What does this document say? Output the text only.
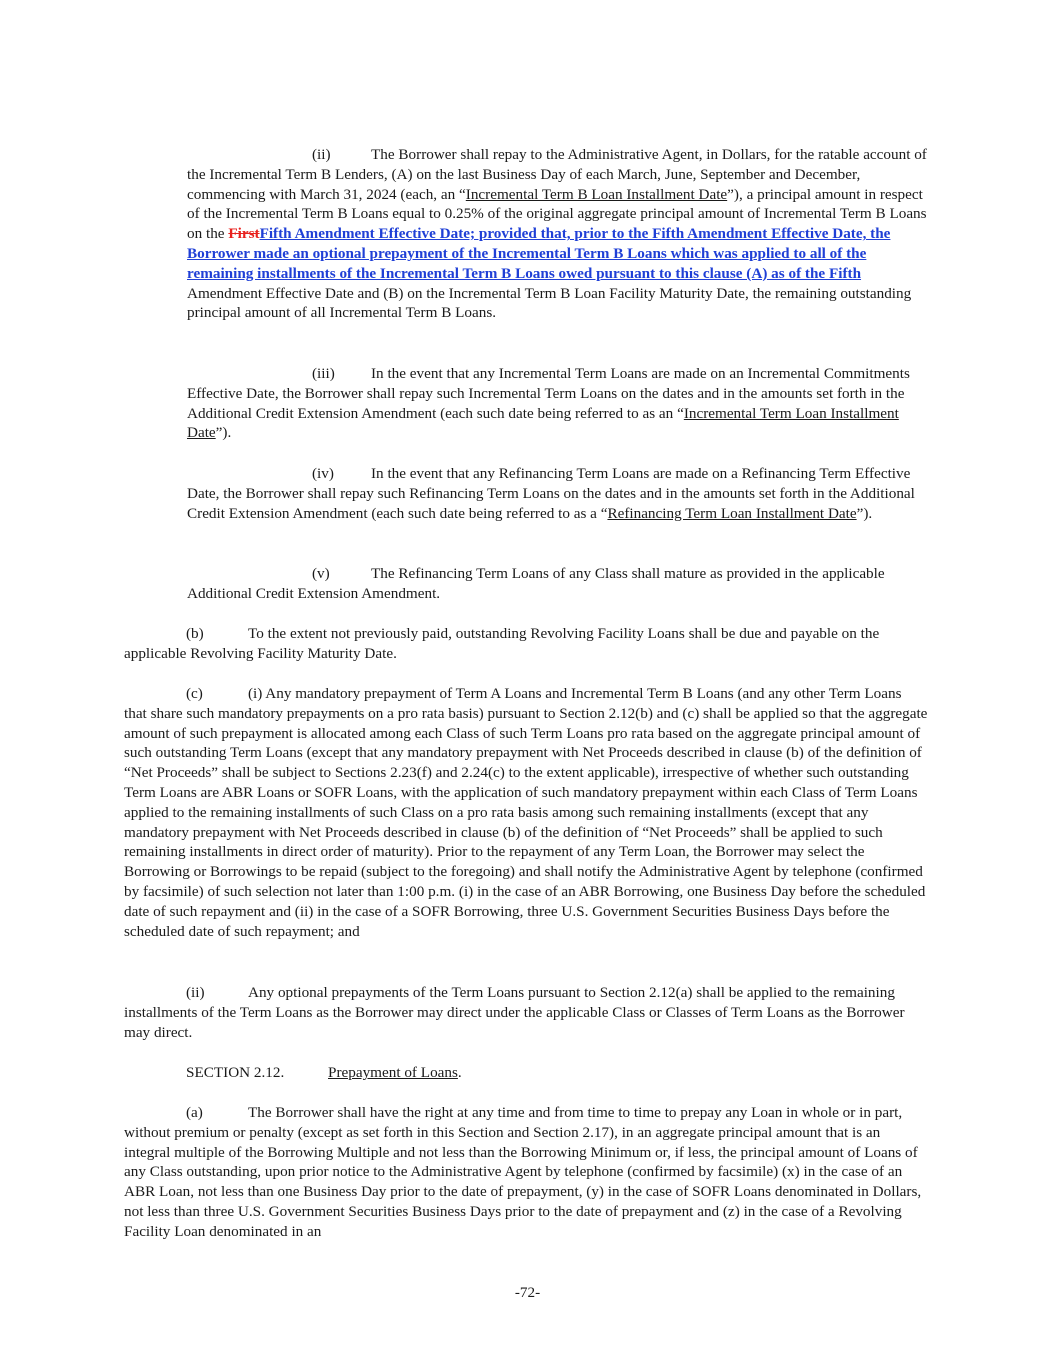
(ii)	The Borrower shall repay to the Administrative Agent, in Dollars, for the ratable account of the Incremental Term B Lenders, (A) on the last Business Day of each March, June, September and December, commencing with March 31, 2024 (each, an “Incremental Term B Loan Installment Date”), a principal amount in respect of the Incremental Term B Loans equal to 0.25% of the original aggregate principal amount of Incremental Term B Loans on the FirstFifth Amendment Effective Date; provided that, prior to the Fifth Amendment Effective Date, the Borrower made an optional prepayment of the Incremental Term B Loans which was applied to all of the remaining installments of the Incremental Term B Loans owed pursuant to this clause (A) as of the Fifth Amendment Effective Date and (B) on the Incremental Term B Loan Facility Maturity Date, the remaining outstanding principal amount of all Incremental Term B Loans.

(iii) In the event that any Incremental Term Loans are made on an Incremental Commitments Effective Date, the Borrower shall repay such Incremental Term Loans on the dates and in the amounts set forth in the Additional Credit Extension Amendment (each such date being referred to as an “Incremental Term Loan Installment Date”).

(iv) In the event that any Refinancing Term Loans are made on a Refinancing Term Effective Date, the Borrower shall repay such Refinancing Term Loans on the dates and in the amounts set forth in the Additional Credit Extension Amendment (each such date being referred to as a “Refinancing Term Loan Installment Date”).

(v)	The Refinancing Term Loans of any Class shall mature as provided in the applicable Additional Credit Extension Amendment.

(b)	To the extent not previously paid, outstanding Revolving Facility Loans shall be due and payable on the applicable Revolving Facility Maturity Date.

(c)	(i) Any mandatory prepayment of Term A Loans and Incremental Term B Loans (and any other Term Loans that share such mandatory prepayments on a pro rata basis) pursuant to Section 2.12(b) and (c) shall be applied so that the aggregate amount of such prepayment is allocated among each Class of such Term Loans pro rata based on the aggregate principal amount of such outstanding Term Loans (except that any mandatory prepayment with Net Proceeds described in clause (b) of the definition of “Net Proceeds” shall be subject to Sections 2.23(f) and 2.24(c) to the extent applicable), irrespective of whether such outstanding Term Loans are ABR Loans or SOFR Loans, with the application of such mandatory prepayment within each Class of Term Loans applied to the remaining installments of such Class on a pro rata basis among such remaining installments (except that any mandatory prepayment with Net Proceeds described in clause (b) of the definition of “Net Proceeds” shall be applied to such remaining installments in direct order of maturity). Prior to the repayment of any Term Loan, the Borrower may select the Borrowing or Borrowings to be repaid (subject to the foregoing) and shall notify the Administrative Agent by telephone (confirmed by facsimile) of such selection not later than 1:00 p.m. (i) in the case of an ABR Borrowing, one Business Day before the scheduled date of such repayment and (ii) in the case of a SOFR Borrowing, three U.S. Government Securities Business Days before the scheduled date of such repayment; and

(ii)	Any optional prepayments of the Term Loans pursuant to Section 2.12(a) shall be applied to the remaining installments of the Term Loans as the Borrower may direct under the applicable Class or Classes of Term Loans as the Borrower may direct.

SECTION 2.12.	Prepayment of Loans.

(a)	The Borrower shall have the right at any time and from time to time to prepay any Loan in whole or in part, without premium or penalty (except as set forth in this Section and Section 2.17), in an aggregate principal amount that is an integral multiple of the Borrowing Multiple and not less than the Borrowing Minimum or, if less, the principal amount of Loans of any Class outstanding, upon prior notice to the Administrative Agent by telephone (confirmed by facsimile) (x) in the case of an ABR Loan, not less than one Business Day prior to the date of prepayment, (y) in the case of SOFR Loans denominated in Dollars, not less than three U.S. Government Securities Business Days prior to the date of prepayment and (z) in the case of a Revolving Facility Loan denominated in an

-72-
